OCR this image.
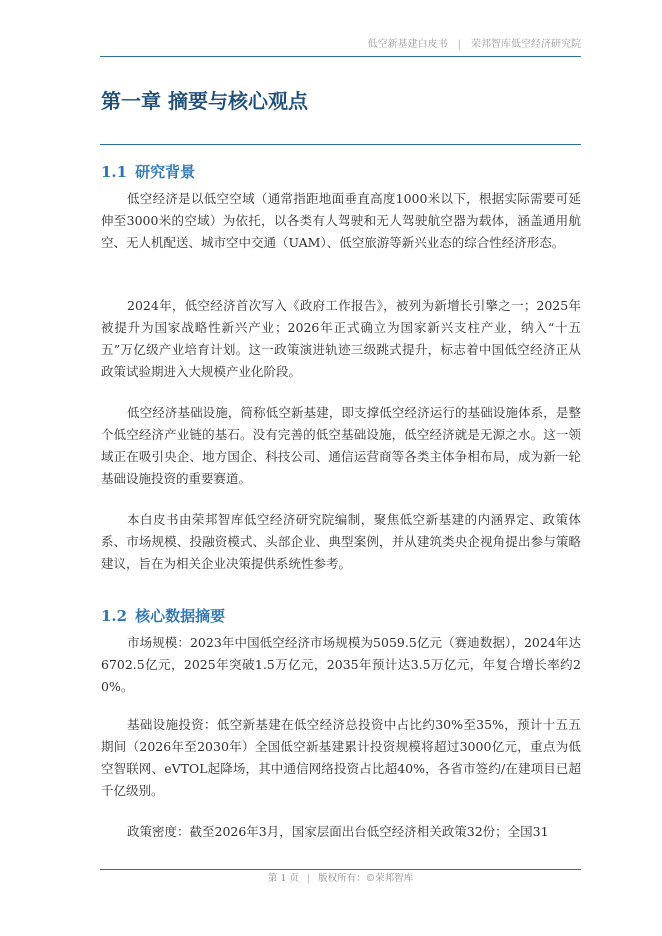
低空新基建白皮书 | 荣邦智库低空经济研究院
第一章 摘要与核心观点
1.1 研究背景

低空经济是以低空空域（通常指距地面垂直高度1000米以下，根据实际需要可延伸至3000米的空域）为依托，以各类有人驾驶和无人驾驶航空器为载体，涵盖通用航空、无人机配送、城市空中交通（UAM）、低空旅游等新兴业态的综合性经济形态。

2024年，低空经济首次写入《政府工作报告》，被列为新增长引擎之一；2025年被提升为国家战略性新兴产业；2026年正式确立为国家新兴支柱产业，纳入“十五五”万亿级产业培育计划。这一政策演进轨迹三级跳式提升，标志着中国低空经济正从政策试验期进入大规模产业化阶段。

低空经济基础设施，简称低空新基建，即支撑低空经济运行的基础设施体系，是整个低空经济产业链的基石。没有完善的低空基础设施，低空经济就是无源之水。这一领域正在吸引央企、地方国企、科技公司、通信运营商等各类主体争相布局，成为新一轮基础设施投资的重要赛道。

本白皮书由荣邦智库低空经济研究院编制，聚焦低空新基建的内涵界定、政策体系、市场规模、投融资模式、头部企业、典型案例，并从建筑类央企视角提出参与策略建议，旨在为相关企业决策提供系统性参考。

1.2 核心数据摘要

市场规模：2023年中国低空经济市场规模为5059.5亿元（赛迪数据），2024年达6702.5亿元，2025年突破1.5万亿元，2035年预计达3.5万亿元，年复合增长率约20%。

基础设施投资：低空新基建在低空经济总投资中占比约30%至35%，预计十五五期间（2026年至2030年）全国低空新基建累计投资规模将超过3000亿元，重点为低空智联网、eVTOL起降场，其中通信网络投资占比超40%，各省市签约/在建项目已超千亿级别。

政策密度：截至2026年3月，国家层面出台低空经济相关政策32份；全国31

第 1 页 | 版权所有：©荣邦智库
